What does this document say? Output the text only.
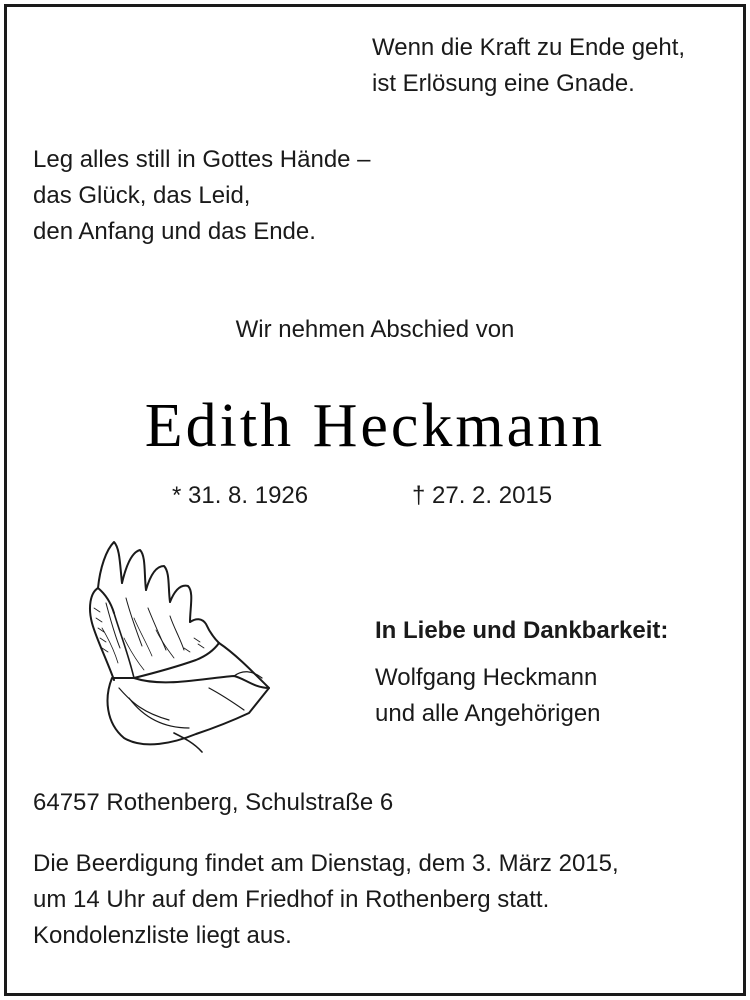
Wenn die Kraft zu Ende geht,
ist Erlösung eine Gnade.
Leg alles still in Gottes Hände –
das Glück, das Leid,
den Anfang und das Ende.
Wir nehmen Abschied von
Edith Heckmann
* 31. 8. 1926	† 27. 2. 2015
In Liebe und Dankbarkeit:
Wolfgang Heckmann
und alle Angehörigen
64757 Rothenberg, Schulstraße 6
Die Beerdigung findet am Dienstag, dem 3. März 2015,
um 14 Uhr auf dem Friedhof in Rothenberg statt.
Kondolenzliste liegt aus.
